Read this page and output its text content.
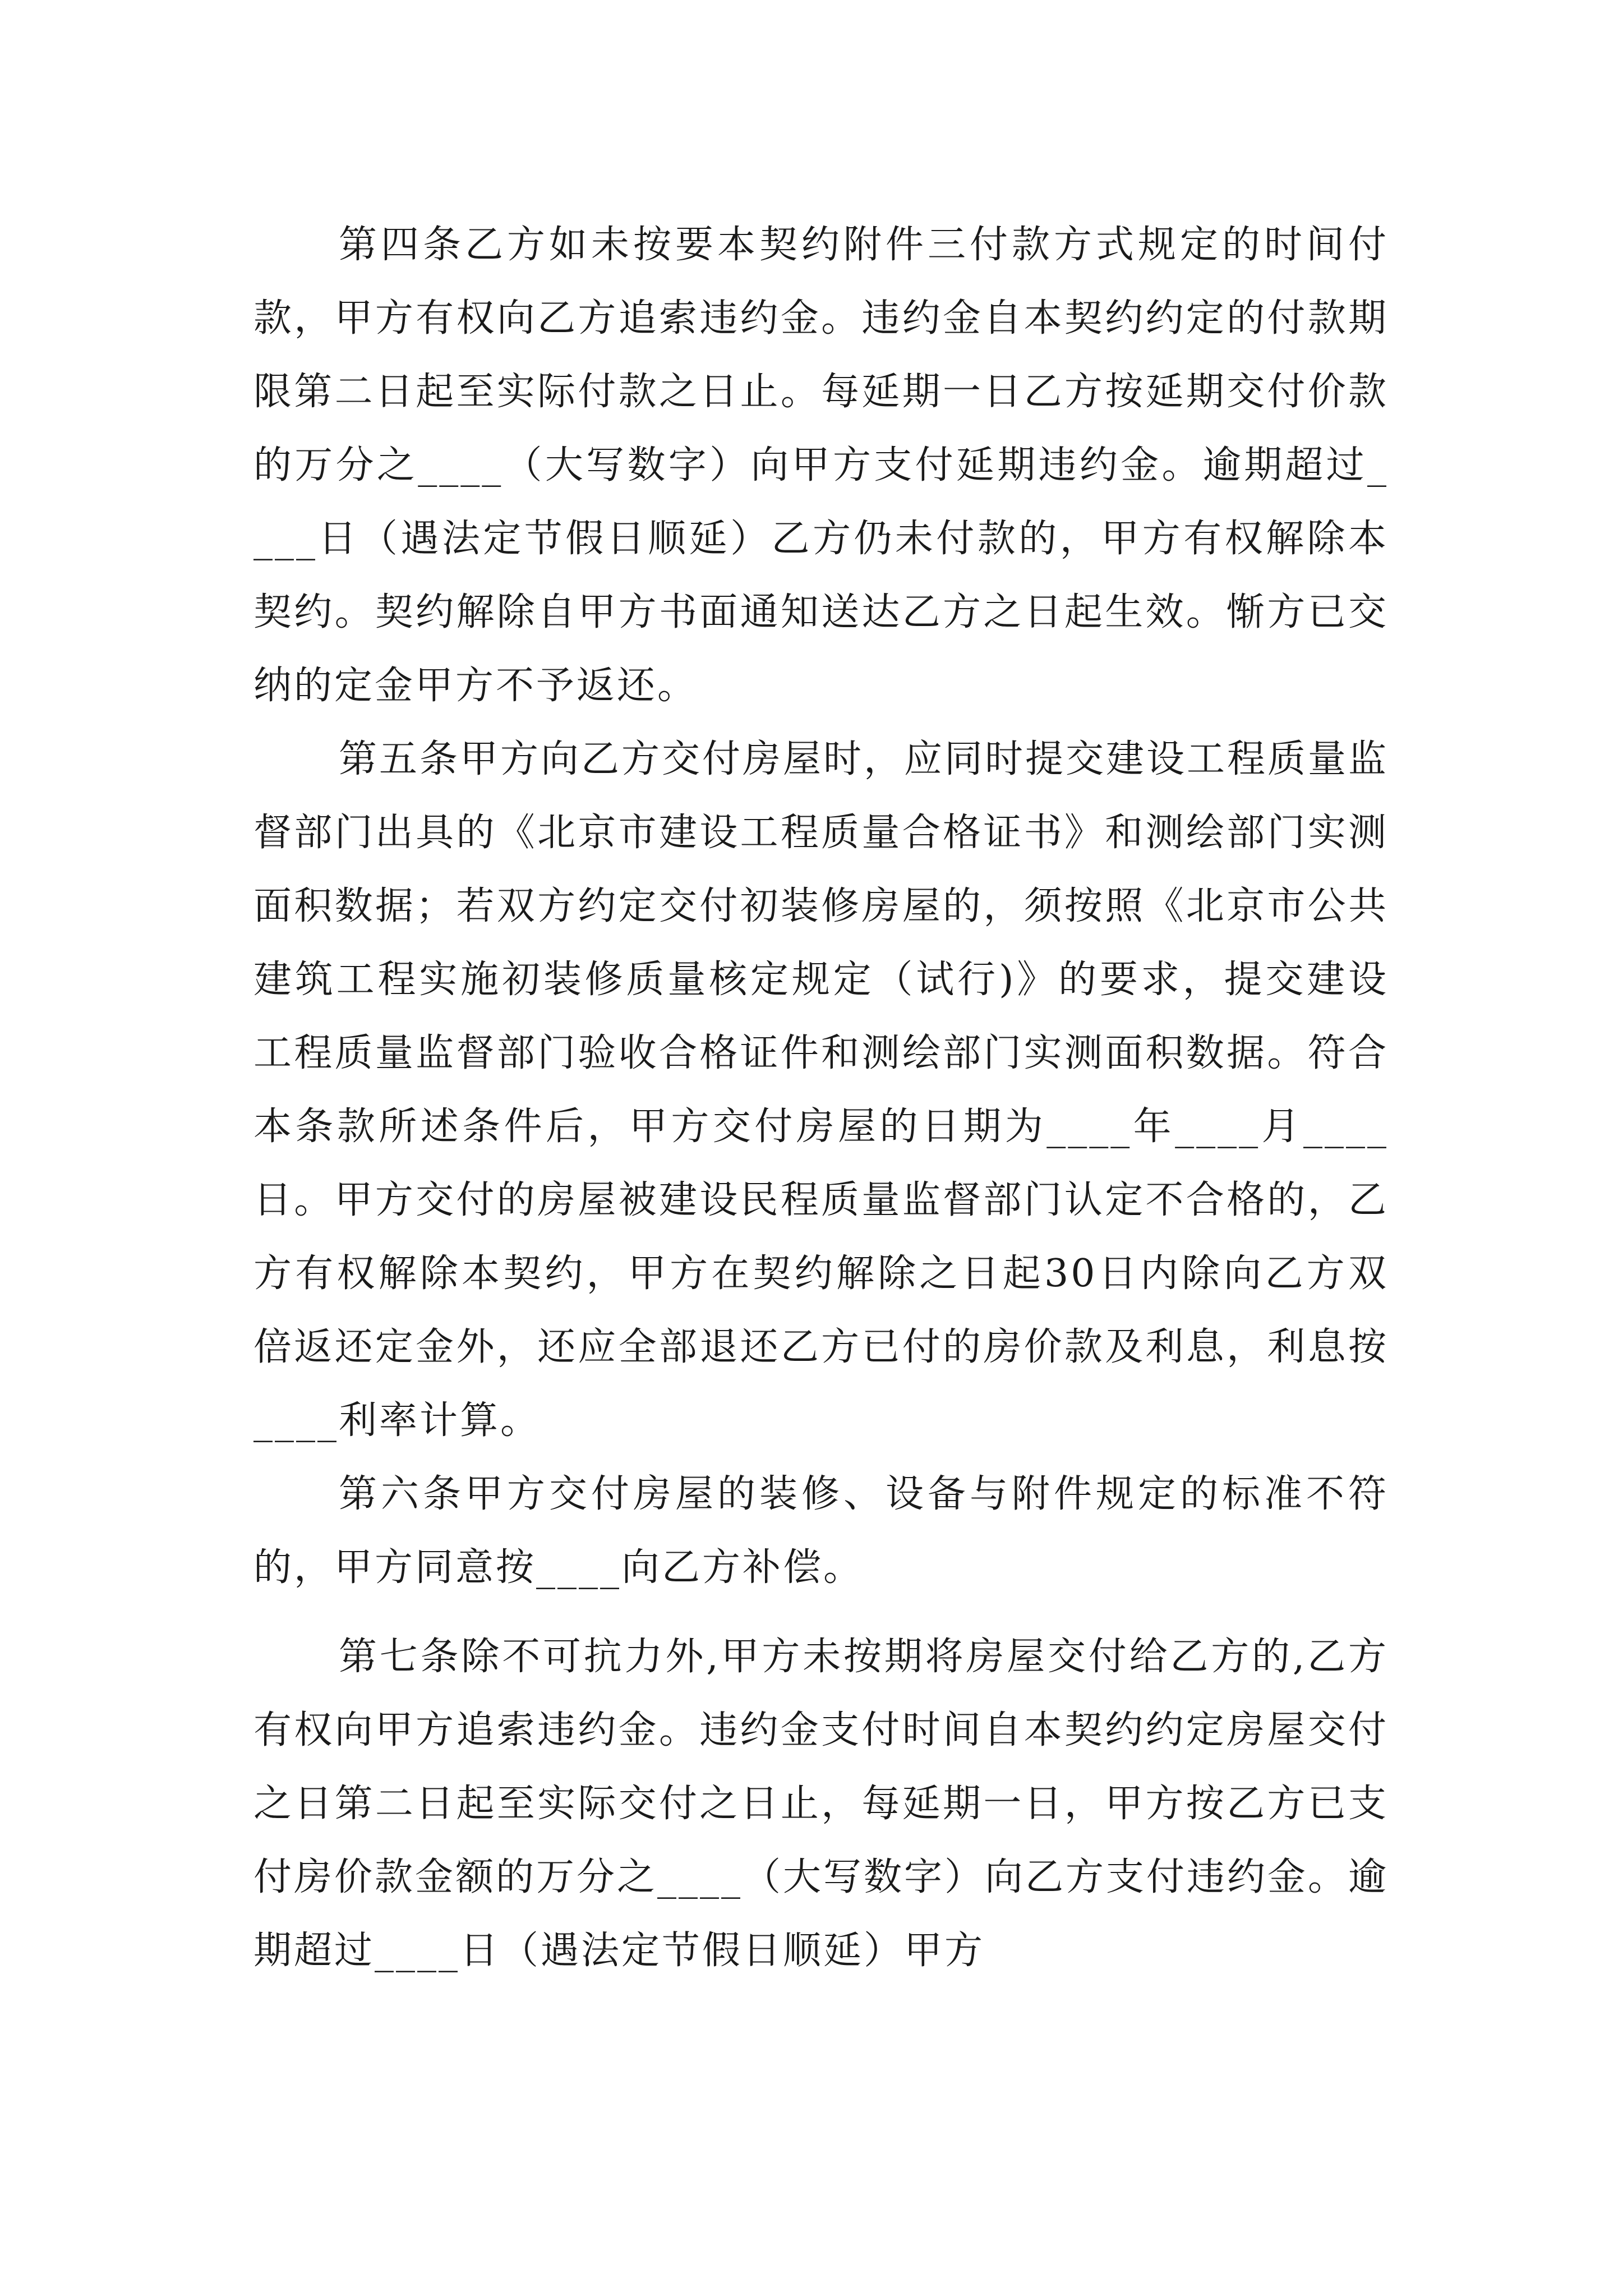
第四条乙方如未按要本契约附件三付款方式规定的时间付款，甲方有权向乙方追索违约金。违约金自本契约约定的付款期限第二日起至实际付款之日止。每延期一日乙方按延期交付价款的万分之____（大写数字）向甲方支付延期违约金。逾期超过____日（遇法定节假日顺延）乙方仍未付款的，甲方有权解除本契约。契约解除自甲方书面通知送达乙方之日起生效。惭方已交纳的定金甲方不予返还。

第五条甲方向乙方交付房屋时，应同时提交建设工程质量监督部门出具的《北京市建设工程质量合格证书》和测绘部门实测面积数据；若双方约定交付初装修房屋的，须按照《北京市公共建筑工程实施初装修质量核定规定（试行)》的要求，提交建设工程质量监督部门验收合格证件和测绘部门实测面积数据。符合本条款所述条件后，甲方交付房屋的日期为____年____月____日。甲方交付的房屋被建设民程质量监督部门认定不合格的，乙方有权解除本契约，甲方在契约解除之日起30日内除向乙方双倍返还定金外，还应全部退还乙方已付的房价款及利息，利息按____利率计算。

第六条甲方交付房屋的装修、设备与附件规定的标准不符的，甲方同意按____向乙方补偿。

第七条除不可抗力外,甲方未按期将房屋交付给乙方的,乙方有权向甲方追索违约金。违约金支付时间自本契约约定房屋交付之日第二日起至实际交付之日止，每延期一日，甲方按乙方已支付房价款金额的万分之____（大写数字）向乙方支付违约金。逾期超过____日（遇法定节假日顺延）甲方
